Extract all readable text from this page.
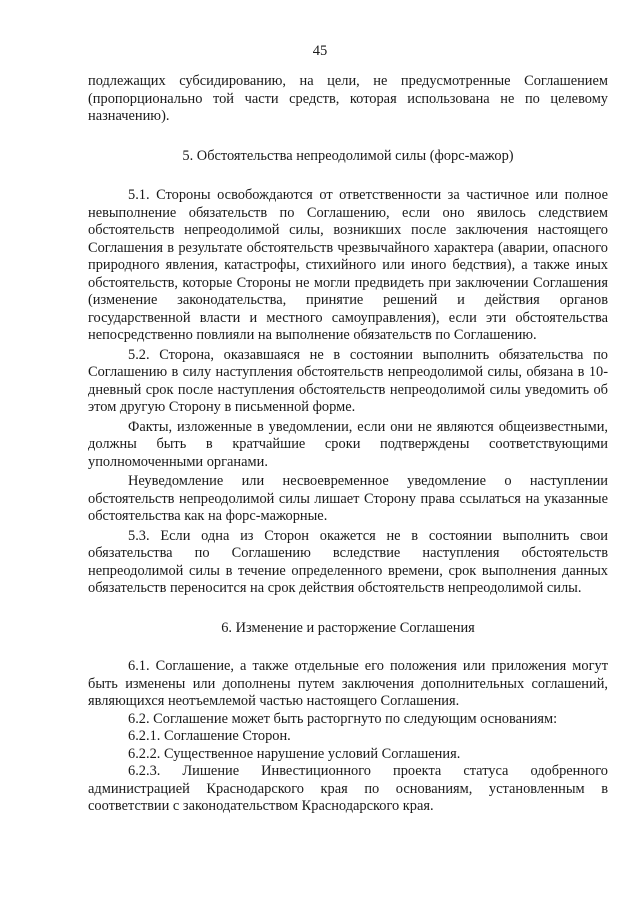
45

подлежащих субсидированию, на цели, не предусмотренные Соглашением (пропорционально той части средств, которая использована не по целевому назначению).

5. Обстоятельства непреодолимой силы (форс-мажор)

5.1. Стороны освобождаются от ответственности за частичное или полное невыполнение обязательств по Соглашению, если оно явилось следствием обстоятельств непреодолимой силы, возникших после заключения настоящего Соглашения в результате обстоятельств чрезвычайного характера (аварии, опасного природного явления, катастрофы, стихийного или иного бедствия), а также иных обстоятельств, которые Стороны не могли предвидеть при заключении Соглашения (изменение законодательства, принятие решений и действия органов государственной власти и местного самоуправления), если эти обстоятельства непосредственно повлияли на выполнение обязательств по Соглашению.

5.2. Сторона, оказавшаяся не в состоянии выполнить обязательства по Соглашению в силу наступления обстоятельств непреодолимой силы, обязана в 10-дневный срок после наступления обстоятельств непреодолимой силы уведомить об этом другую Сторону в письменной форме.

Факты, изложенные в уведомлении, если они не являются общеизвестными, должны быть в кратчайшие сроки подтверждены соответствующими уполномоченными органами.

Неуведомление или несвоевременное уведомление о наступлении обстоятельств непреодолимой силы лишает Сторону права ссылаться на указанные обстоятельства как на форс-мажорные.

5.3. Если одна из Сторон окажется не в состоянии выполнить свои обязательства по Соглашению вследствие наступления обстоятельств непреодолимой силы в течение определенного времени, срок выполнения данных обязательств переносится на срок действия обстоятельств непреодолимой силы.

6. Изменение и расторжение Соглашения

6.1. Соглашение, а также отдельные его положения или приложения могут быть изменены или дополнены путем заключения дополнительных соглашений, являющихся неотъемлемой частью настоящего Соглашения.

6.2. Соглашение может быть расторгнуто по следующим основаниям:

6.2.1. Соглашение Сторон.

6.2.2. Существенное нарушение условий Соглашения.

6.2.3. Лишение Инвестиционного проекта статуса одобренного администрацией Краснодарского края по основаниям, установленным в соответствии с законодательством Краснодарского края.
